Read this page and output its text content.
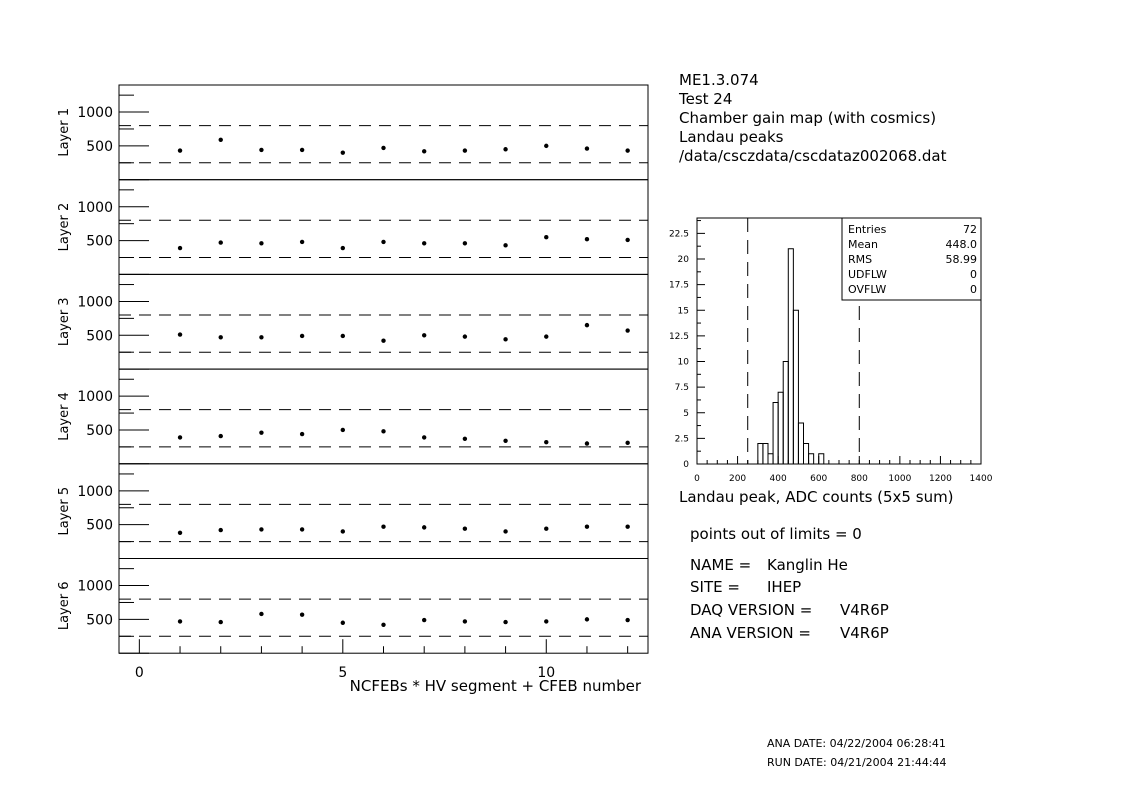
ME1.3.074
Test 24
Chamber gain map (with cosmics)
Landau peaks
/data/csczdata/cscdataz002068.dat
500
1000
Layer 1
500
1000
Layer 2
500
1000
Layer 3
500
1000
Layer 4
500
1000
Layer 5
500
1000
Layer 6
0	5	10
NCFEBs * HV segment + CFEB number
0
2.5
5
7.5
10
12.5
15
17.5
20
22.5
0	200	400	600	800 1000 1200 1400
Entries	72
Mean	448.0
RMS	58.99
UDFLW	0
OVFLW	0
Landau peak, ADC counts (5x5 sum)
points out of limits = 0
NAME = Kanglin He
SITE = IHEP
DAQ VERSION = V4R6P
ANA VERSION = V4R6P
ANA DATE: 04/22/2004 06:28:41
RUN DATE: 04/21/2004 21:44:44
